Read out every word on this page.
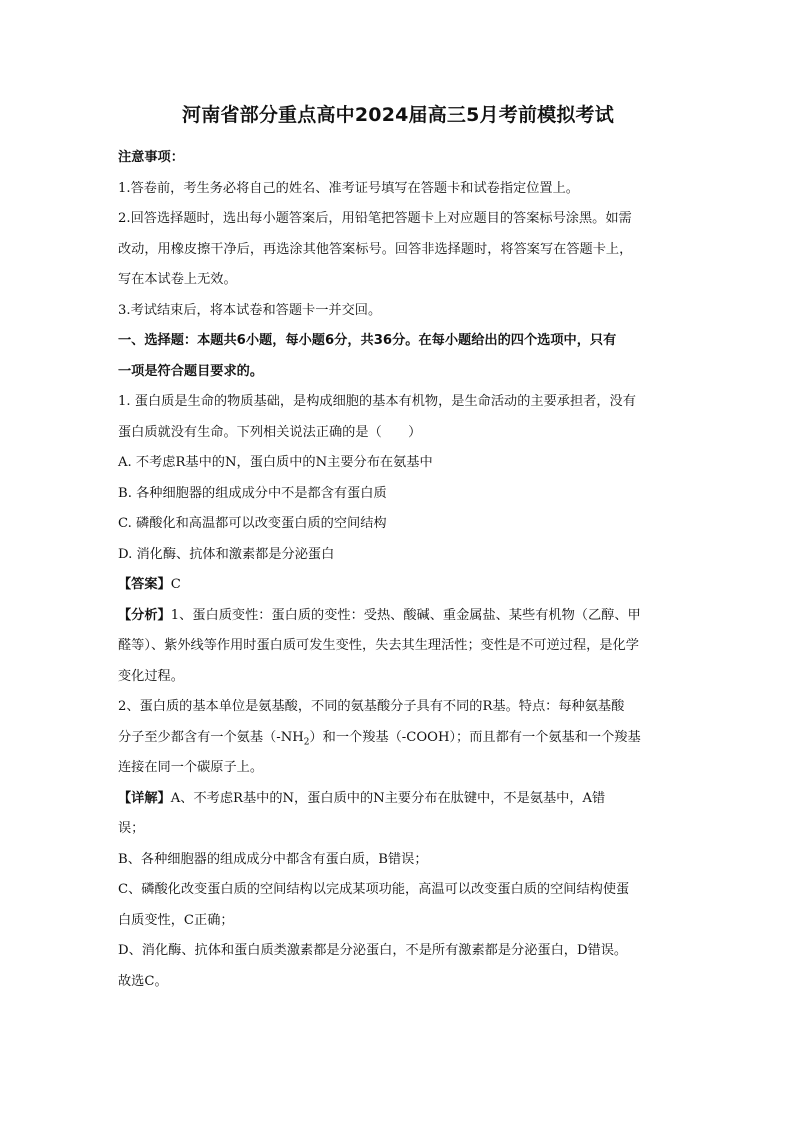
河南省部分重点高中2024届高三5月考前模拟考试

注意事项：

1.答卷前，考生务必将自己的姓名、准考证号填写在答题卡和试卷指定位置上。

2.回答选择题时，选出每小题答案后，用铅笔把答题卡上对应题目的答案标号涂黑。如需

改动，用橡皮擦干净后，再选涂其他答案标号。回答非选择题时，将答案写在答题卡上，

写在本试卷上无效。

3.考试结束后，将本试卷和答题卡一并交回。

一、选择题：本题共6小题，每小题6分，共36分。在每小题给出的四个选项中，只有

一项是符合题目要求的。

1. 蛋白质是生命的物质基础，是构成细胞的基本有机物，是生命活动的主要承担者，没有

蛋白质就没有生命。下列相关说法正确的是（　　）

A. 不考虑R基中的N，蛋白质中的N主要分布在氨基中

B. 各种细胞器的组成成分中不是都含有蛋白质

C. 磷酸化和高温都可以改变蛋白质的空间结构

D. 消化酶、抗体和激素都是分泌蛋白

【答案】C

【分析】1、蛋白质变性：蛋白质的变性：受热、酸碱、重金属盐、某些有机物（乙醇、甲

醛等）、紫外线等作用时蛋白质可发生变性，失去其生理活性；变性是不可逆过程，是化学

变化过程。

2、蛋白质的基本单位是氨基酸，不同的氨基酸分子具有不同的R基。特点：每种氨基酸

分子至少都含有一个氨基$(-NH_2)$和一个羧基（-COOH）；而且都有一个氨基和一个羧基

连接在同一个碳原子上。

【详解】A、不考虑R基中的N，蛋白质中的N主要分布在肽键中，不是氨基中，A错

误；

B、各种细胞器的组成成分中都含有蛋白质，B错误；

C、磷酸化改变蛋白质的空间结构以完成某项功能，高温可以改变蛋白质的空间结构使蛋

白质变性，C正确；

D、消化酶、抗体和蛋白质类激素都是分泌蛋白，不是所有激素都是分泌蛋白，D错误。

故选C。
